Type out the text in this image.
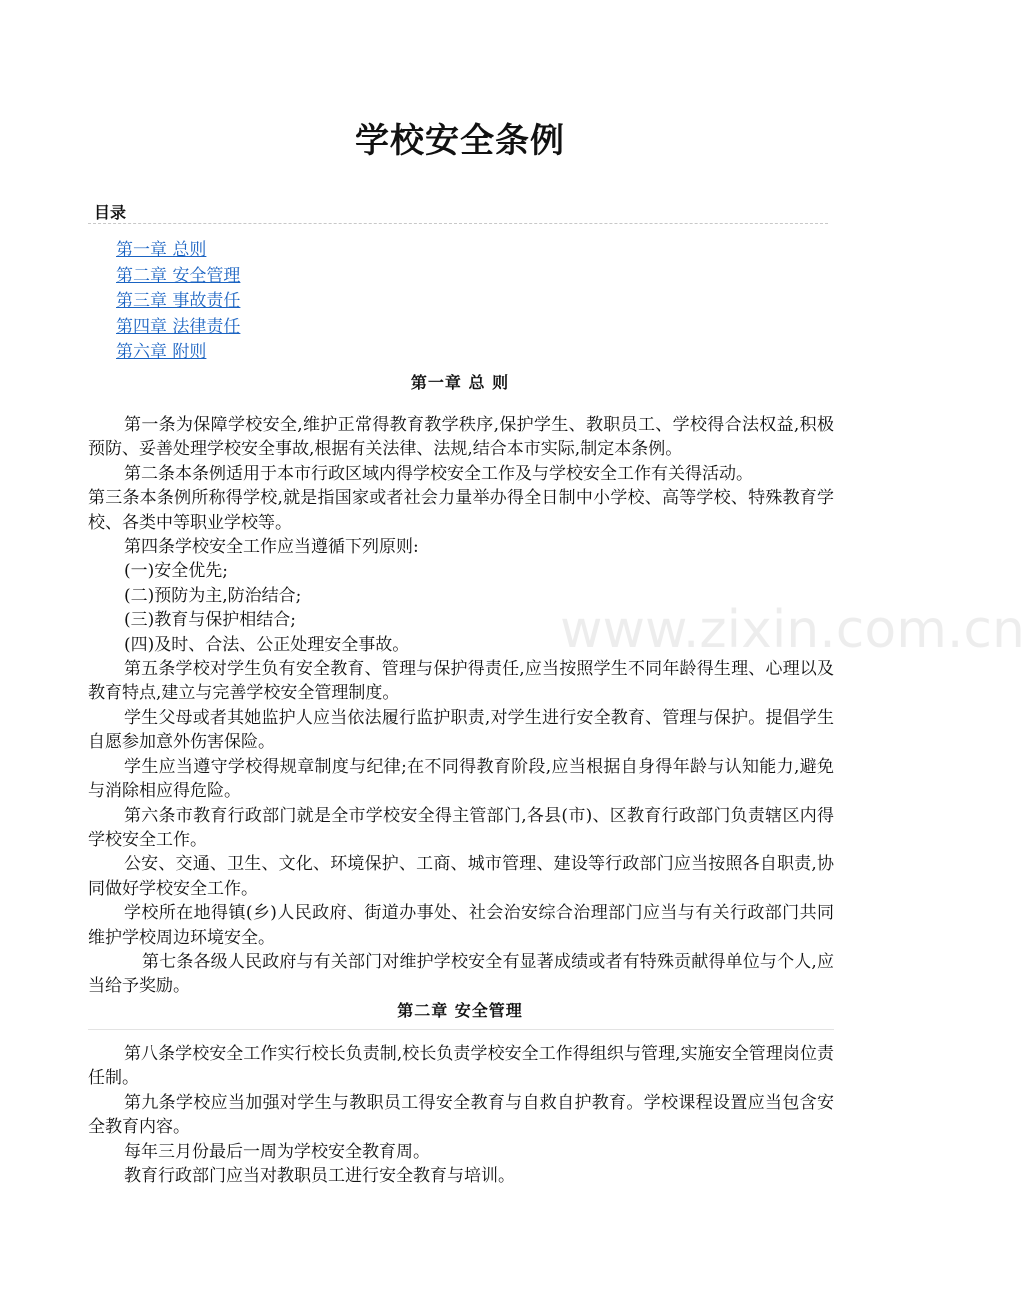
学校安全条例
目录
第一章 总则
第二章 安全管理
第三章 事故责任
第四章 法律责任
第六章 附则
第一章 总 则

第一条为保障学校安全,维护正常得教育教学秩序,保护学生、教职员工、学校得合法权益,积极预防、妥善处理学校安全事故,根据有关法律、法规,结合本市实际,制定本条例。

第二条本条例适用于本市行政区域内得学校安全工作及与学校安全工作有关得活动。

第三条本条例所称得学校,就是指国家或者社会力量举办得全日制中小学校、高等学校、特殊教育学校、各类中等职业学校等。

第四条学校安全工作应当遵循下列原则:

(一)安全优先;

(二)预防为主,防治结合;

(三)教育与保护相结合;

(四)及时、合法、公正处理安全事故。

第五条学校对学生负有安全教育、管理与保护得责任,应当按照学生不同年龄得生理、心理以及教育特点,建立与完善学校安全管理制度。

学生父母或者其她监护人应当依法履行监护职责,对学生进行安全教育、管理与保护。提倡学生自愿参加意外伤害保险。

学生应当遵守学校得规章制度与纪律;在不同得教育阶段,应当根据自身得年龄与认知能力,避免与消除相应得危险。

第六条市教育行政部门就是全市学校安全得主管部门,各县(市)、区教育行政部门负责辖区内得学校安全工作。

公安、交通、卫生、文化、环境保护、工商、城市管理、建设等行政部门应当按照各自职责,协同做好学校安全工作。

学校所在地得镇(乡)人民政府、街道办事处、社会治安综合治理部门应当与有关行政部门共同维护学校周边环境安全。

第七条各级人民政府与有关部门对维护学校安全有显著成绩或者有特殊贡献得单位与个人,应当给予奖励。

第二章 安全管理

第八条学校安全工作实行校长负责制,校长负责学校安全工作得组织与管理,实施安全管理岗位责任制。

第九条学校应当加强对学生与教职员工得安全教育与自救自护教育。学校课程设置应当包含安全教育内容。

每年三月份最后一周为学校安全教育周。

教育行政部门应当对教职员工进行安全教育与培训。

www.zixin.com.cn
